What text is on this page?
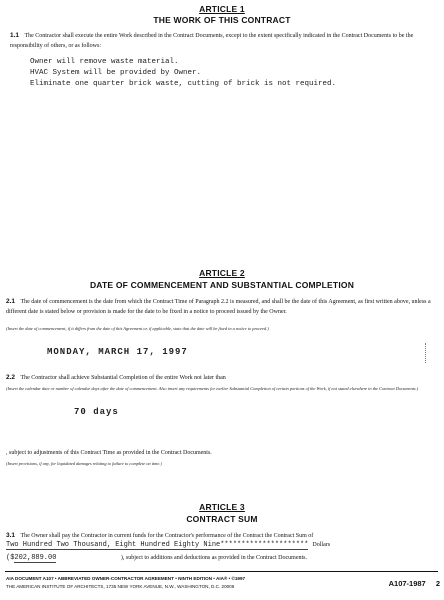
ARTICLE 1
THE WORK OF THIS CONTRACT
1.1 The Contractor shall execute the entire Work described in the Contract Documents, except to the extent specifically indicated in the Contract Documents to be the responsibility of others, or as follows:
Owner will remove waste material.
HVAC System will be provided by Owner.
Eliminate one quarter brick waste, cutting of brick is not required.
ARTICLE 2
DATE OF COMMENCEMENT AND SUBSTANTIAL COMPLETION
2.1 The date of commencement is the date from which the Contract Time of Paragraph 2.2 is measured, and shall be the date of this Agreement, as first written above, unless a different date is stated below or provision is made for the date to be fixed in a notice to proceed issued by the Owner.
(Insert the date of commencement, if it differs from the date of this Agreement or, if applicable, state that the date will be fixed in a notice to proceed.)
MONDAY, MARCH 17, 1997
2.2 The Contractor shall achieve Substantial Completion of the entire Work not later than
(Insert the calendar date or number of calendar days after the date of commencement. Also insert any requirements for earlier Substantial Completion of certain portions of the Work, if not stated elsewhere in the Contract Documents.)
70 days
, subject to adjustments of this Contract Time as provided in the Contract Documents.
(Insert provisions, if any, for liquidated damages relating to failure to complete on time.)
ARTICLE 3
CONTRACT SUM
3.1 The Owner shall pay the Contractor in current funds for the Contractor's performance of the Contract the Contract Sum of
Two Hundred Two Thousand, Eight Hundred Eighty Nine********************* Dollars
($202,889.00	), subject to additions and deductions as provided in the Contract Documents.
AIA DOCUMENT A107 • ABBREVIATED OWNER-CONTRACTOR AGREEMENT • NINTH EDITION • AIA® • ©1997
THE AMERICAN INSTITUTE OF ARCHITECTS, 1735 NEW YORK AVENUE, N.W., WASHINGTON, D.C. 20006	A107-1987 2
